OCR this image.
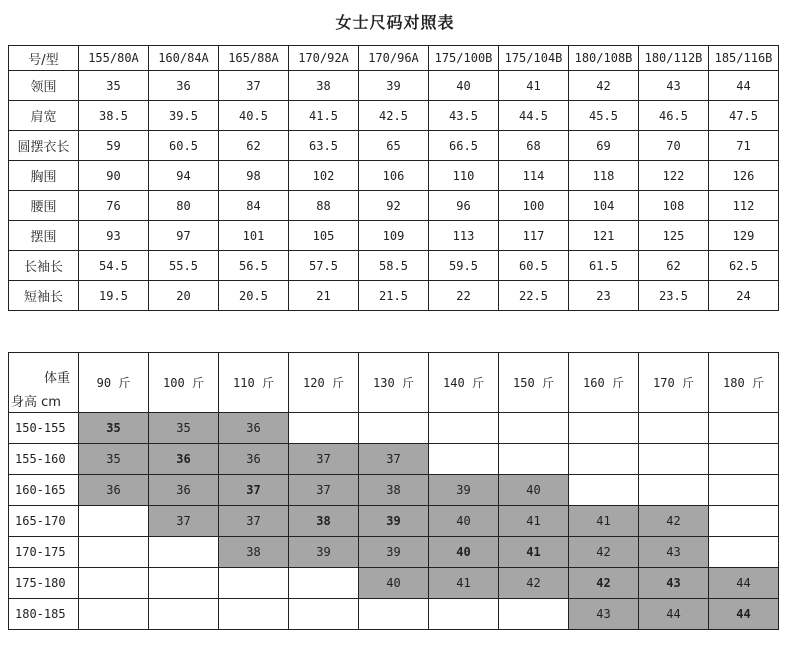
女士尺码对照表
号/型	155/80A	160/84A	165/88A	170/92A	170/96A	175/100B	175/104B	180/108B	180/112B	185/116B
领围	35	36	37	38	39	40	41	42	43	44
肩宽	38.5	39.5	40.5	41.5	42.5	43.5	44.5	45.5	46.5	47.5
圆摆衣长	59	60.5	62	63.5	65	66.5	68	69	70	71
胸围	90	94	98	102	106	110	114	118	122	126
腰围	76	80	84	88	92	96	100	104	108	112
摆围	93	97	101	105	109	113	117	121	125	129
长袖长	54.5	55.5	56.5	57.5	58.5	59.5	60.5	61.5	62	62.5
短袖长	19.5	20	20.5	21	21.5	22	22.5	23	23.5	24
体重
身高 cm	90 斤	100 斤	110 斤	120 斤	130 斤	140 斤	150 斤	160 斤	170 斤	180 斤
150-155	35	35	36							
155-160	35	36	36	37	37					
160-165	36	36	37	37	38	39	40			
165-170		37	37	38	39	40	41	41	42	
170-175			38	39	39	40	41	42	43	
175-180					40	41	42	42	43	44
180-185								43	44	44
